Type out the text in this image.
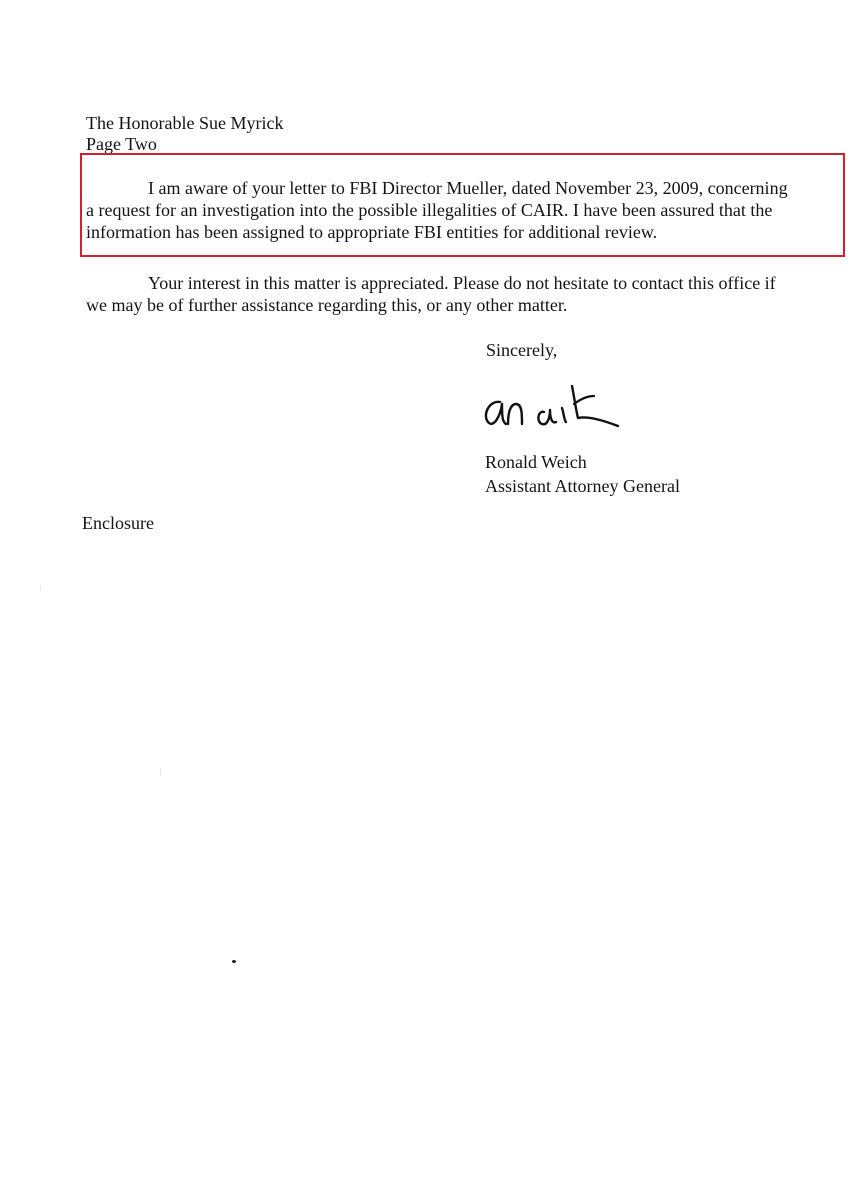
The Honorable Sue Myrick
Page Two
I am aware of your letter to FBI Director Mueller, dated November 23, 2009, concerning
a request for an investigation into the possible illegalities of CAIR. I have been assured that the
information has been assigned to appropriate FBI entities for additional review.
Your interest in this matter is appreciated. Please do not hesitate to contact this office if
we may be of further assistance regarding this, or any other matter.
Sincerely,
Ronald Weich
Assistant Attorney General
Enclosure
